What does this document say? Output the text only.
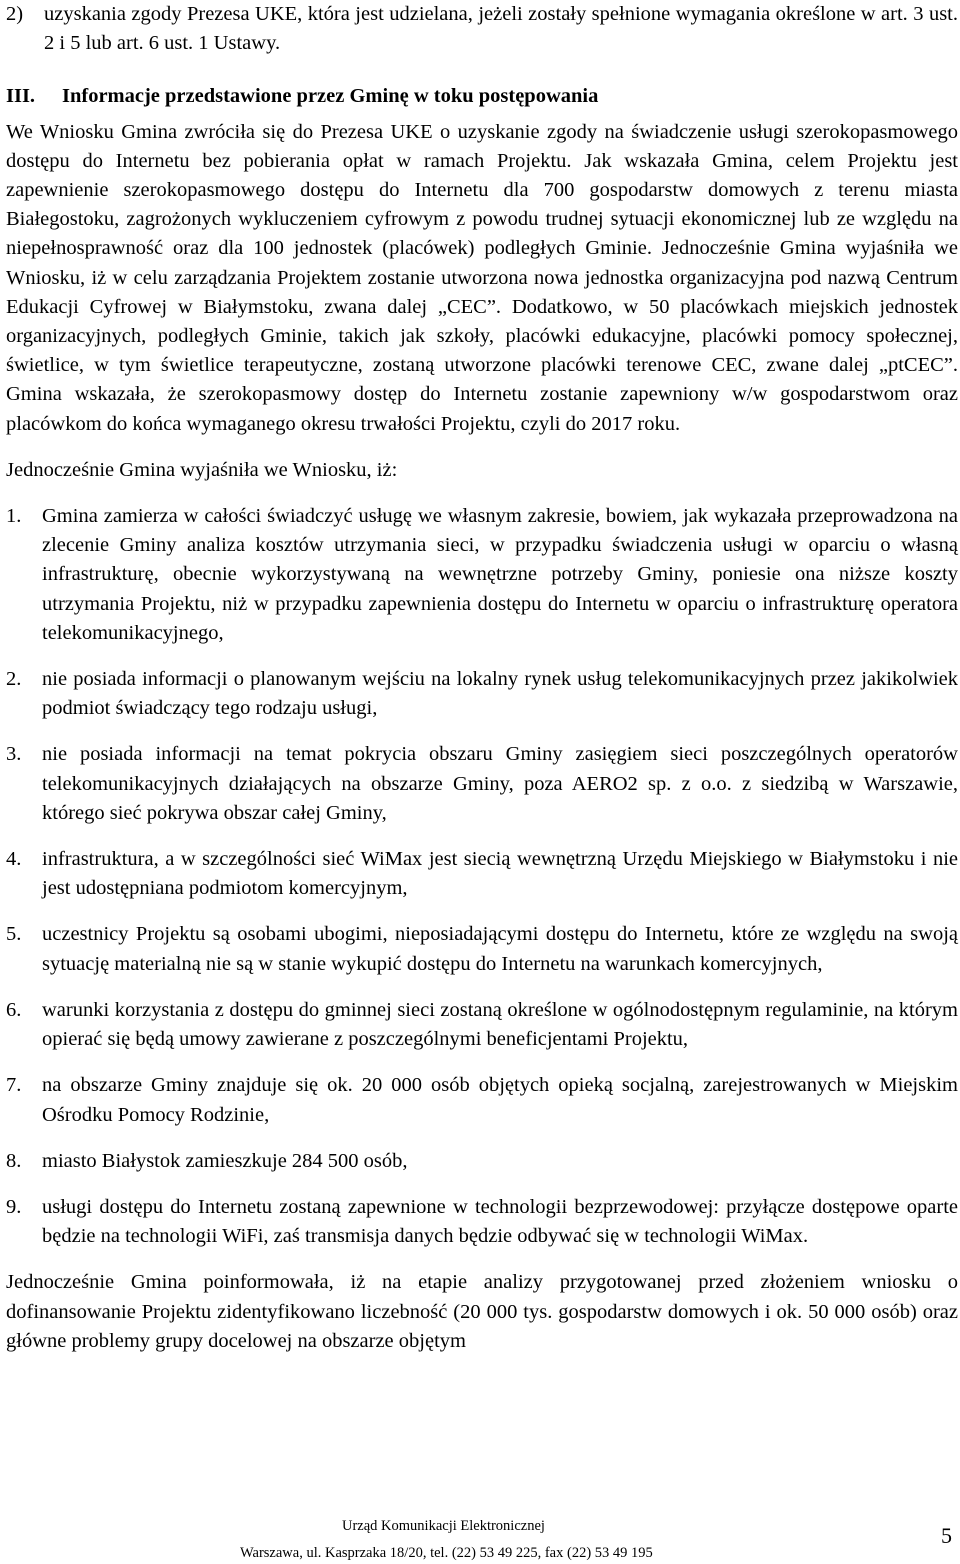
2)	uzyskania zgody Prezesa UKE, która jest udzielana, jeżeli zostały spełnione wymagania określone w art. 3 ust. 2 i 5 lub art. 6 ust. 1 Ustawy.
III.	Informacje przedstawione przez Gminę w toku postępowania

We Wniosku Gmina zwróciła się do Prezesa UKE o uzyskanie zgody na świadczenie usługi szerokopasmowego dostępu do Internetu bez pobierania opłat w ramach Projektu. Jak wskazała Gmina, celem Projektu jest zapewnienie szerokopasmowego dostępu do Internetu dla 700 gospodarstw domowych z terenu miasta Białegostoku, zagrożonych wykluczeniem cyfrowym z powodu trudnej sytuacji ekonomicznej lub ze względu na niepełnosprawność oraz dla 100 jednostek (placówek) podległych Gminie. Jednocześnie Gmina wyjaśniła we Wniosku, iż w celu zarządzania Projektem zostanie utworzona nowa jednostka organizacyjna pod nazwą Centrum Edukacji Cyfrowej w Białymstoku, zwana dalej „CEC”. Dodatkowo, w 50 placówkach miejskich jednostek organizacyjnych, podległych Gminie, takich jak szkoły, placówki edukacyjne, placówki pomocy społecznej, świetlice, w tym świetlice terapeutyczne, zostaną utworzone placówki terenowe CEC, zwane dalej „ptCEC”. Gmina wskazała, że szerokopasmowy dostęp do Internetu zostanie zapewniony w/w gospodarstwom oraz placówkom do końca wymaganego okresu trwałości Projektu, czyli do 2017 roku.

Jednocześnie Gmina wyjaśniła we Wniosku, iż:

1.	Gmina zamierza w całości świadczyć usługę we własnym zakresie, bowiem, jak wykazała przeprowadzona na zlecenie Gminy analiza kosztów utrzymania sieci, w przypadku świadczenia usługi w oparciu o własną infrastrukturę, obecnie wykorzystywaną na wewnętrzne potrzeby Gminy, poniesie ona niższe koszty utrzymania Projektu, niż w przypadku zapewnienia dostępu do Internetu w oparciu o infrastrukturę operatora telekomunikacyjnego,
2.	nie posiada informacji o planowanym wejściu na lokalny rynek usług telekomunikacyjnych przez jakikolwiek podmiot świadczący tego rodzaju usługi,
3.	nie posiada informacji na temat pokrycia obszaru Gminy zasięgiem sieci poszczególnych operatorów telekomunikacyjnych działających na obszarze Gminy, poza AERO2 sp. z o.o. z siedzibą w Warszawie, którego sieć pokrywa obszar całej Gminy,
4.	infrastruktura, a w szczególności sieć WiMax jest siecią wewnętrzną Urzędu Miejskiego w Białymstoku i nie jest udostępniana podmiotom komercyjnym,
5.	uczestnicy Projektu są osobami ubogimi, nieposiadającymi dostępu do Internetu, które ze względu na swoją sytuację materialną nie są w stanie wykupić dostępu do Internetu na warunkach komercyjnych,
6.	warunki korzystania z dostępu do gminnej sieci zostaną określone w ogólnodostępnym regulaminie, na którym opierać się będą umowy zawierane z poszczególnymi beneficjentami Projektu,
7.	na obszarze Gminy znajduje się ok. 20 000 osób objętych opieką socjalną, zarejestrowanych w Miejskim Ośrodku Pomocy Rodzinie,
8.	miasto Białystok zamieszkuje 284 500 osób,
9.	usługi dostępu do Internetu zostaną zapewnione w technologii bezprzewodowej: przyłącze dostępowe oparte będzie na technologii WiFi, zaś transmisja danych będzie odbywać się w technologii WiMax.

Jednocześnie Gmina poinformowała, iż na etapie analizy przygotowanej przed złożeniem wniosku o dofinansowanie Projektu zidentyfikowano liczebność (20 000 tys. gospodarstw domowych i ok. 50 000 osób) oraz główne problemy grupy docelowej na obszarze objętym

Urząd Komunikacji Elektronicznej
Warszawa, ul. Kasprzaka 18/20, tel. (22) 53 49 225, fax (22) 53 49 195
5
